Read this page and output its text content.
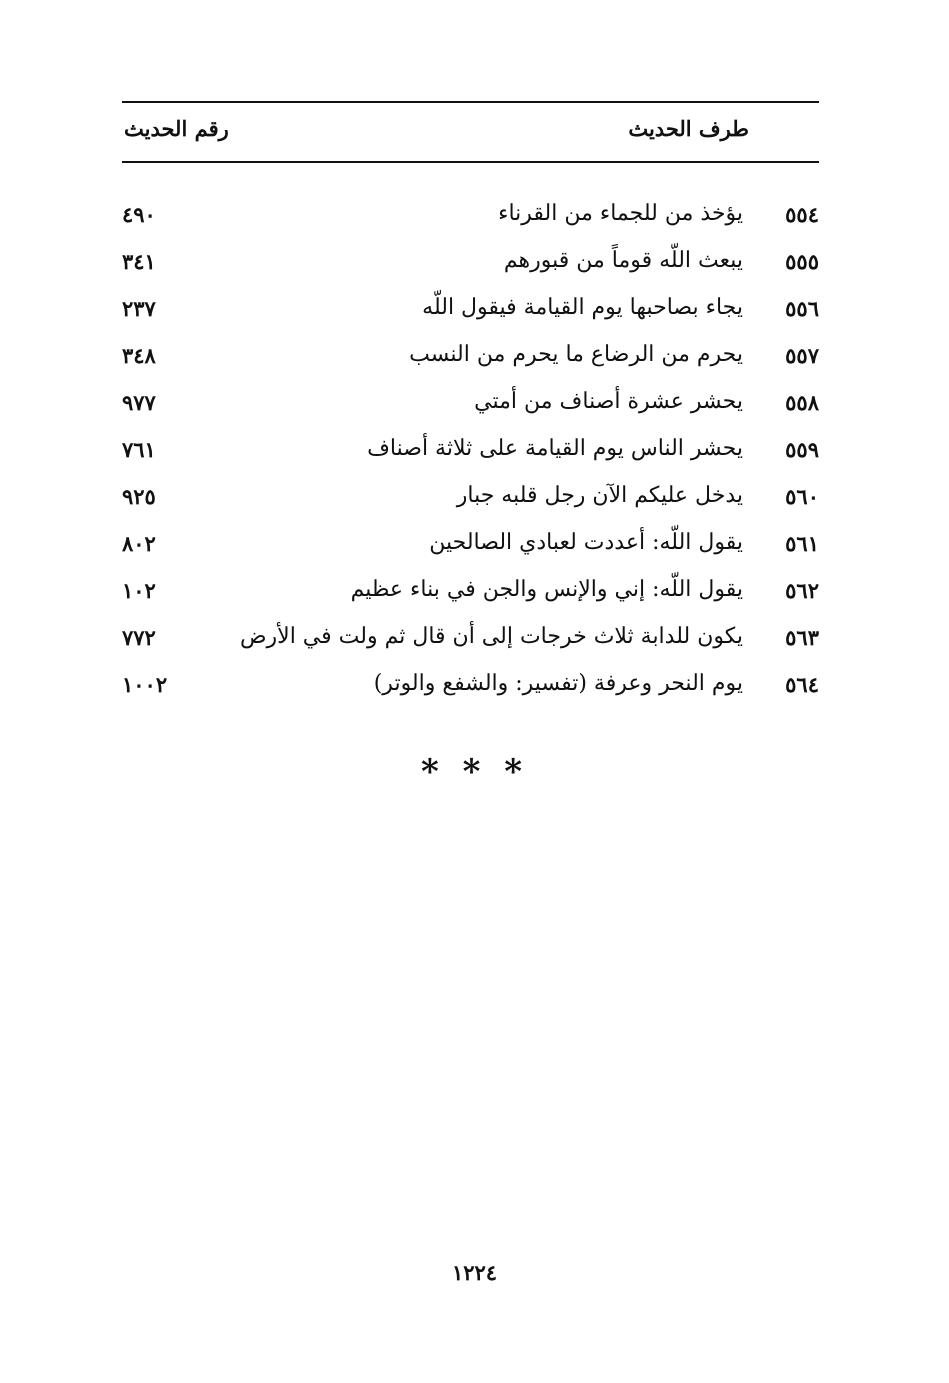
طرف الحديث
رقم الحديث
٥٥٤
يؤخذ من للجماء من القرناء
٤٩٠
٥٥٥
يبعث اللّه قوماً من قبورهم
٣٤١
٥٥٦
يجاء بصاحبها يوم القيامة فيقول اللّه
٢٣٧
٥٥٧
يحرم من الرضاع ما يحرم من النسب
٣٤٨
٥٥٨
يحشر عشرة أصناف من أمتي
٩٧٧
٥٥٩
يحشر الناس يوم القيامة على ثلاثة أصناف
٧٦١
٥٦٠
يدخل عليكم الآن رجل قلبه جبار
٩٢٥
٥٦١
يقول اللّه: أعددت لعبادي الصالحين
٨٠٢
٥٦٢
يقول اللّه: إني والإنس والجن في بناء عظيم
١٠٢
٥٦٣
يكون للدابة ثلاث خرجات إلى أن قال ثم ولت في الأرض
٧٧٢
٥٦٤
يوم النحر وعرفة (تفسير: والشفع والوتر)
١٠٠٢
* * *
١٢٢٤
